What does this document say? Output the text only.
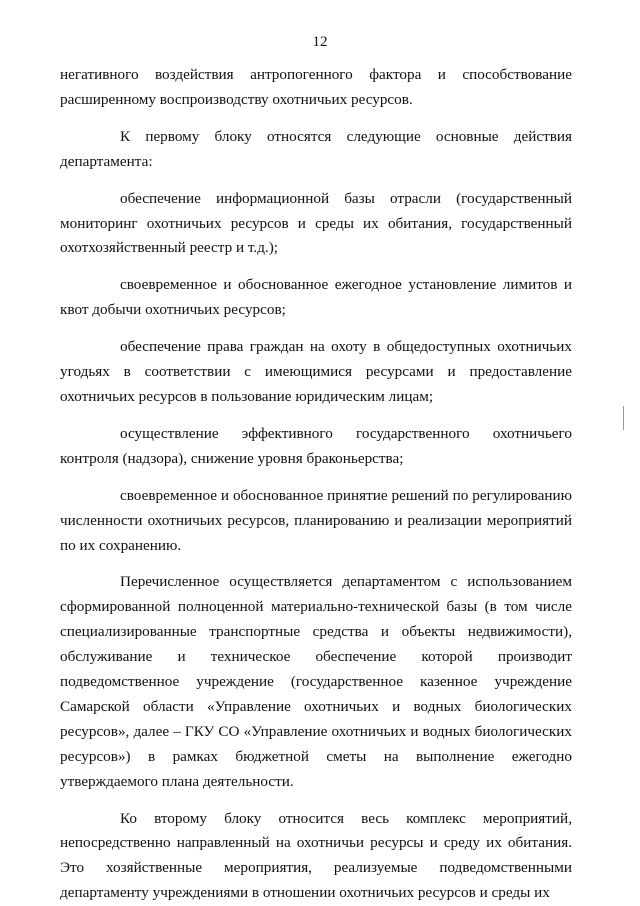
12

негативного воздействия антропогенного фактора и способствование расширенному воспроизводству охотничьих ресурсов.

К первому блоку относятся следующие основные действия департамента:

обеспечение информационной базы отрасли (государственный мониторинг охотничьих ресурсов и среды их обитания, государственный охотхозяйственный реестр и т.д.);

своевременное и обоснованное ежегодное установление лимитов и квот добычи охотничьих ресурсов;

обеспечение права граждан на охоту в общедоступных охотничьих угодьях в соответствии с имеющимися ресурсами и предоставление охотничьих ресурсов в пользование юридическим лицам;

осуществление эффективного государственного охотничьего контроля (надзора), снижение уровня браконьерства;

своевременное и обоснованное принятие решений по регулированию численности охотничьих ресурсов, планированию и реализации мероприятий по их сохранению.

Перечисленное осуществляется департаментом с использованием сформированной полноценной материально-технической базы (в том числе специализированные транспортные средства и объекты недвижимости), обслуживание и техническое обеспечение которой производит подведомственное учреждение (государственное казенное учреждение Самарской области «Управление охотничьих и водных биологических ресурсов», далее – ГКУ СО «Управление охотничьих и водных биологических ресурсов») в рамках бюджетной сметы на выполнение ежегодно утверждаемого плана деятельности.

Ко второму блоку относится весь комплекс мероприятий, непосредственно направленный на охотничьи ресурсы и среду их обитания. Это хозяйственные мероприятия, реализуемые подведомственными департаменту учреждениями в отношении охотничьих ресурсов и среды их
